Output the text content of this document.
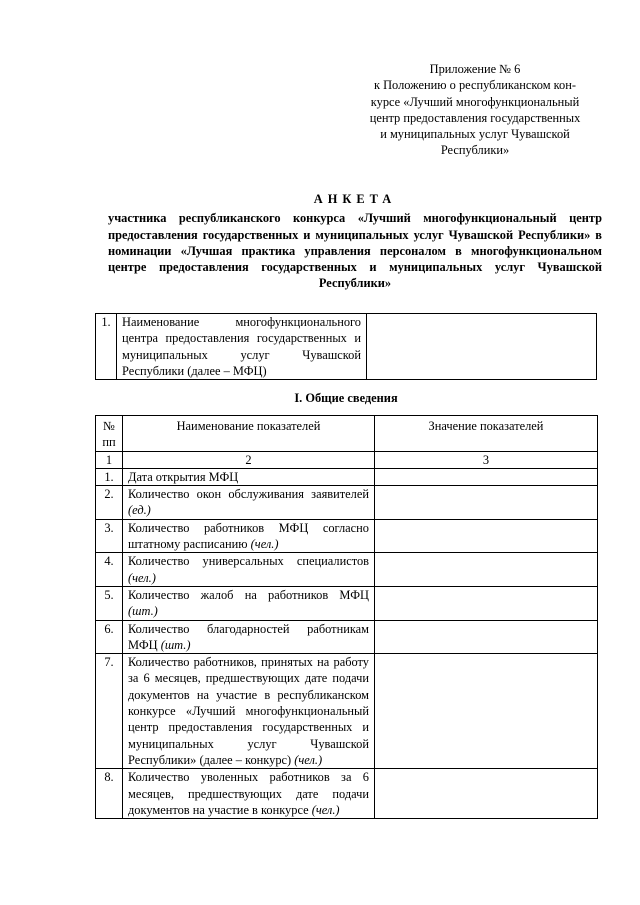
Приложение № 6
к Положению о республиканском кон-
курсе «Лучший многофункциональный
центр предоставления государственных
и муниципальных услуг Чувашской
Республики»
АНКЕТА
участника республиканского конкурса «Лучший многофункциональный центр предоставления государственных и муниципальных услуг Чувашской Республики» в номинации «Лучшая практика управления персоналом в многофункциональном центре предоставления государственных и муниципальных услуг Чувашской Республики»
1.	Наименование многофункционального центра предоставления государственных и муниципальных услуг Чувашской Республики (далее – МФЦ)	
I. Общие сведения
№ пп	Наименование показателей	Значение показателей
1	2	3
1.	Дата открытия МФЦ	
2.	Количество окон обслуживания заявителей (ед.)	
3.	Количество работников МФЦ согласно штатному расписанию (чел.)	
4.	Количество универсальных специалистов (чел.)	
5.	Количество жалоб на работников МФЦ (шт.)	
6.	Количество благодарностей работникам МФЦ (шт.)	
7.	Количество работников, принятых на работу за 6 месяцев, предшествующих дате подачи документов на участие в республиканском конкурсе «Лучший многофункциональный центр предоставления государственных и муниципальных услуг Чувашской Республики» (далее – конкурс) (чел.)	
8.	Количество уволенных работников за 6 месяцев, предшествующих дате подачи документов на участие в конкурсе (чел.)	
